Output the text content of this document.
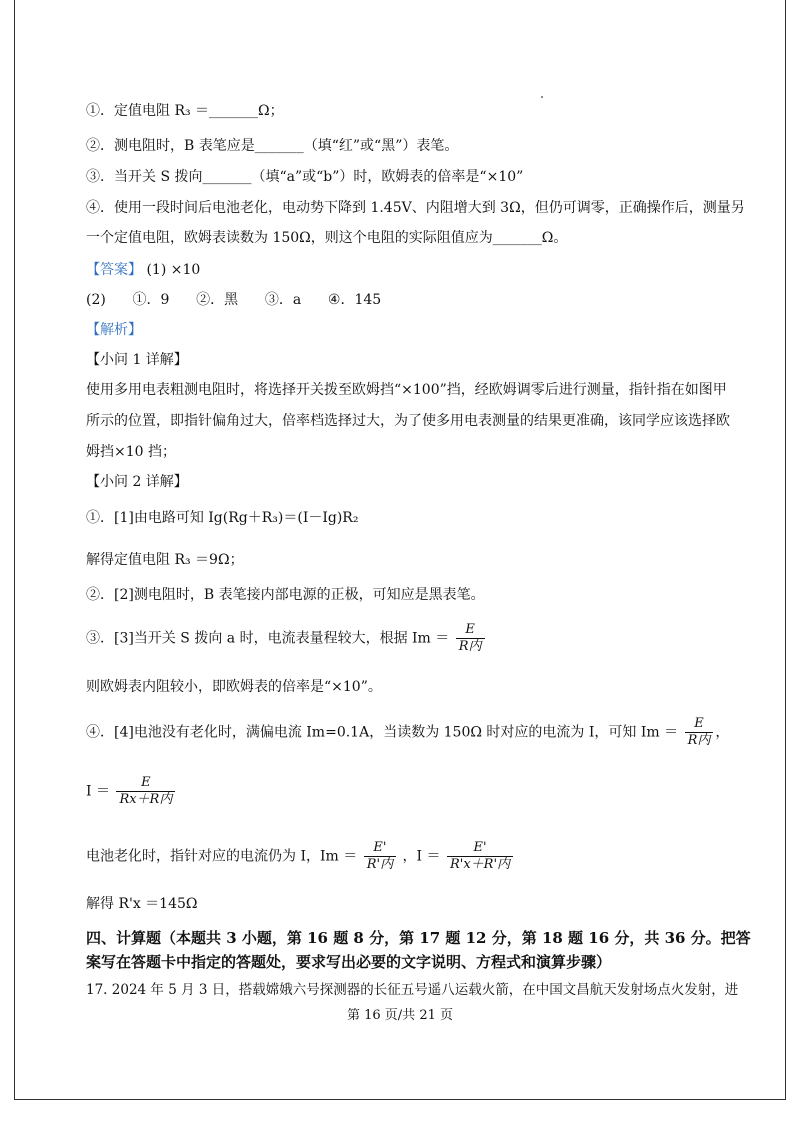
①．定值电阻 R₃ ＝_______Ω；
②．测电阻时，B 表笔应是_______（填“红”或“黑”）表笔。
③．当开关 S 拨向_______（填“a”或“b”）时，欧姆表的倍率是“×10”
④．使用一段时间后电池老化，电动势下降到 1.45V、内阻增大到 3Ω，但仍可调零，正确操作后，测量另
一个定值电阻，欧姆表读数为 150Ω，则这个电阻的实际阻值应为_______Ω。
【答案】 (1) ×10
(2)      ①．9      ②．黑      ③．a      ④．145
【解析】
【小问 1 详解】
使用多用电表粗测电阻时，将选择开关拨至欧姆挡“×100”挡，经欧姆调零后进行测量，指针指在如图甲
所示的位置，即指针偏角过大，倍率档选择过大，为了使多用电表测量的结果更准确，该同学应该选择欧
姆挡×10 挡；
【小问 2 详解】
①．[1]由电路可知 Ig(Rg＋R₃)＝(I－Ig)R₂
解得定值电阻 R₃ ＝9Ω；
②．[2]测电阻时，B 表笔接内部电源的正极，可知应是黑表笔。
③．[3]当开关 S 拨向 a 时，电流表量程较大，根据 $Im = \frac{E}{\text{R内}}$
则欧姆表内阻较小，即欧姆表的倍率是“×10”。
④．[4]电池没有老化时，满偏电流 Im=0.1A，当读数为 150Ω 时对应的电流为 I，可知 $Im = \frac{E}{\text{R内}}$ ，
$I = \frac{E}{\text{Rx＋R内}}$
电池老化时，指针对应的电流仍为 I，$Im = \frac{E'}{\text{R'内}}$ ，$I = \frac{E'}{\text{R'x＋R'内}}$
解得 R'x ＝145Ω
四、计算题（本题共 3 小题，第 16 题 8 分，第 17 题 12 分，第 18 题 16 分，共 36 分。把答
案写在答题卡中指定的答题处，要求写出必要的文字说明、方程式和演算步骤）
17. 2024 年 5 月 3 日，搭载嫦娥六号探测器的长征五号遥八运载火箭，在中国文昌航天发射场点火发射，进
第 16 页/共 21 页
